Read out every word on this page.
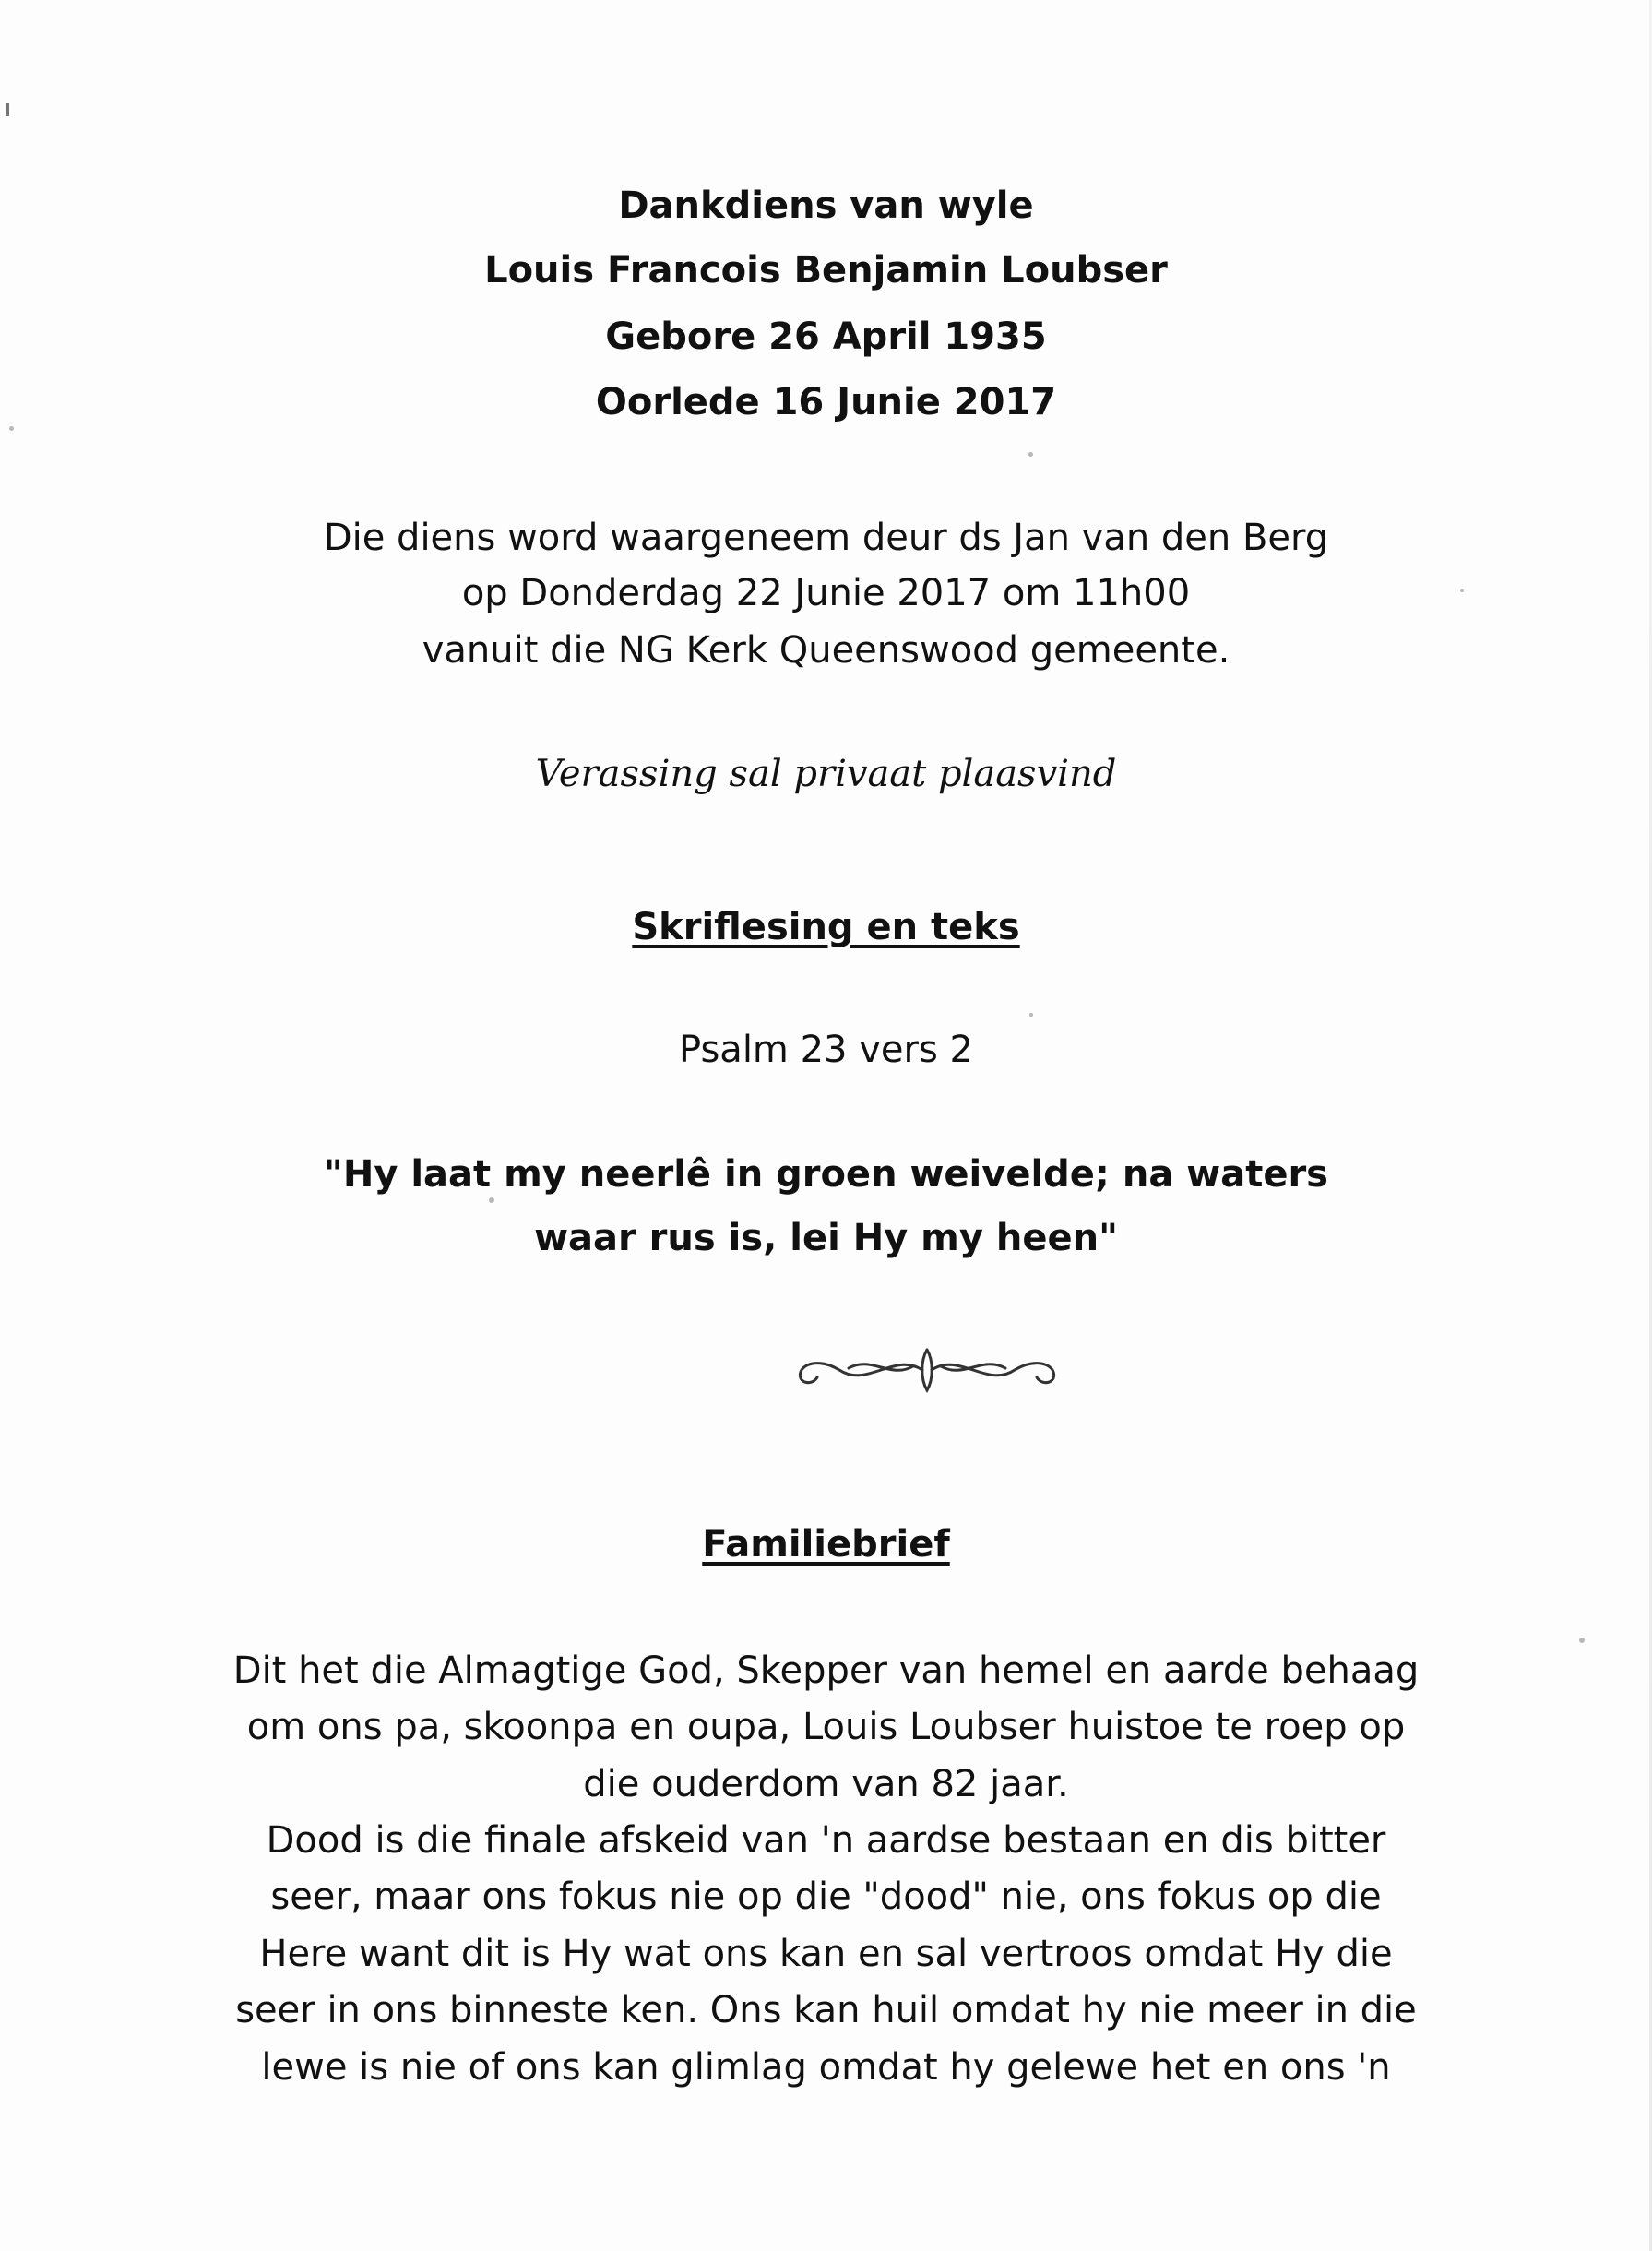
Dankdiens van wyle
Louis Francois Benjamin Loubser
Gebore 26 April 1935
Oorlede 16 Junie 2017
Die diens word waargeneem deur ds Jan van den Berg
op Donderdag 22 Junie 2017 om 11h00
vanuit die NG Kerk Queenswood gemeente.
Verassing sal privaat plaasvind
Skriflesing en teks
Psalm 23 vers 2
"Hy laat my neerlê in groen weivelde; na waters
waar rus is, lei Hy my heen"
Familiebrief
Dit het die Almagtige God, Skepper van hemel en aarde behaag
om ons pa, skoonpa en oupa, Louis Loubser huistoe te roep op
die ouderdom van 82 jaar.
Dood is die finale afskeid van 'n aardse bestaan en dis bitter
seer, maar ons fokus nie op die "dood" nie, ons fokus op die
Here want dit is Hy wat ons kan en sal vertroos omdat Hy die
seer in ons binneste ken. Ons kan huil omdat hy nie meer in die
lewe is nie of ons kan glimlag omdat hy gelewe het en ons 'n
